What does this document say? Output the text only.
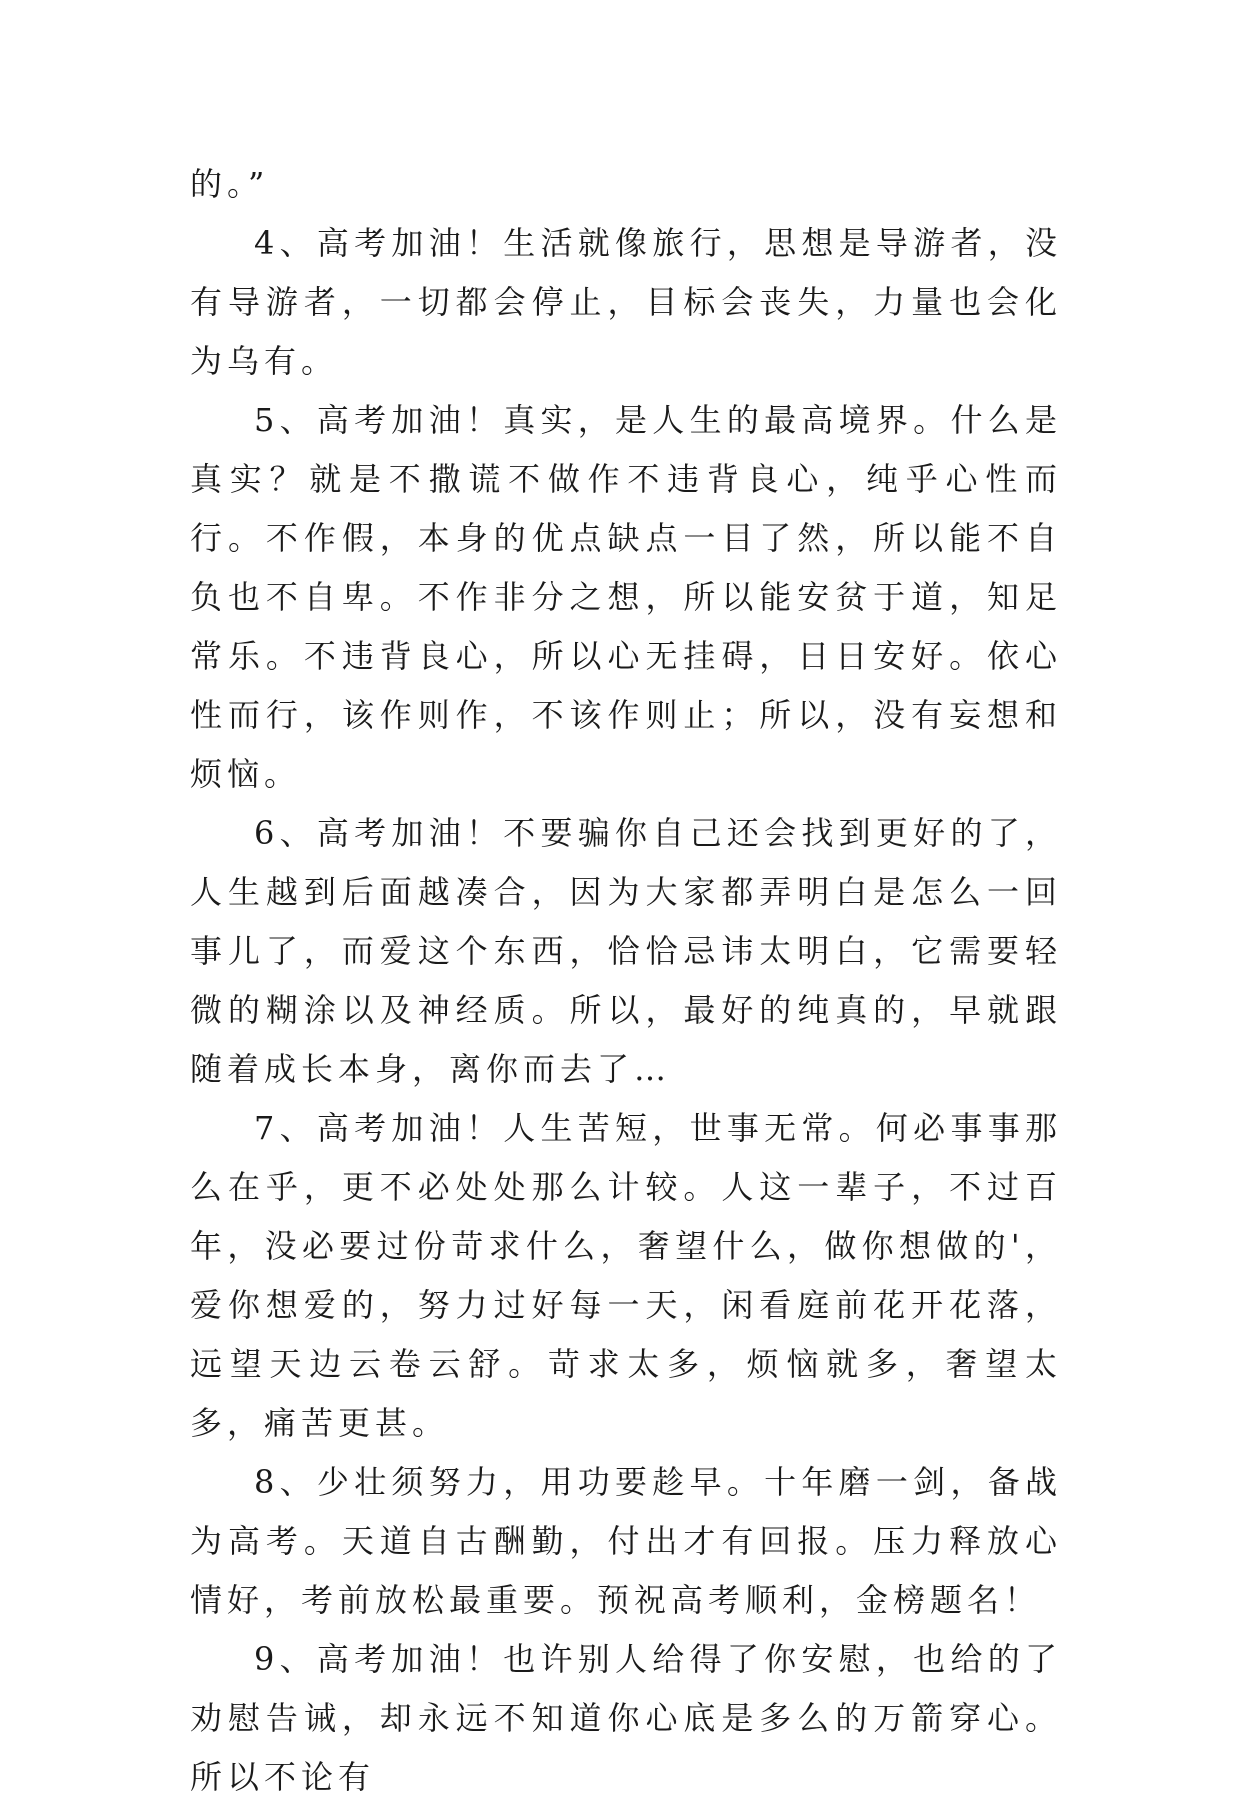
的。”

4、高考加油！生活就像旅行，思想是导游者，没有导游者，一切都会停止，目标会丧失，力量也会化为乌有。

5、高考加油！真实，是人生的最高境界。什么是真实？就是不撒谎不做作不违背良心，纯乎心性而行。不作假，本身的优点缺点一目了然，所以能不自负也不自卑。不作非分之想，所以能安贫于道，知足常乐。不违背良心，所以心无挂碍，日日安好。依心性而行，该作则作，不该作则止；所以，没有妄想和烦恼。

6、高考加油！不要骗你自己还会找到更好的了，人生越到后面越凑合，因为大家都弄明白是怎么一回事儿了，而爱这个东西，恰恰忌讳太明白，它需要轻微的糊涂以及神经质。所以，最好的纯真的，早就跟随着成长本身，离你而去了…

7、高考加油！人生苦短，世事无常。何必事事那么在乎，更不必处处那么计较。人这一辈子，不过百年，没必要过份苛求什么，奢望什么，做你想做的'，爱你想爱的，努力过好每一天，闲看庭前花开花落，远望天边云卷云舒。苛求太多，烦恼就多，奢望太多，痛苦更甚。

8、少壮须努力，用功要趁早。十年磨一剑，备战为高考。天道自古酬勤，付出才有回报。压力释放心情好，考前放松最重要。预祝高考顺利，金榜题名！

9、高考加油！也许别人给得了你安慰，也给的了劝慰告诫，却永远不知道你心底是多么的万箭穿心。所以不论有
